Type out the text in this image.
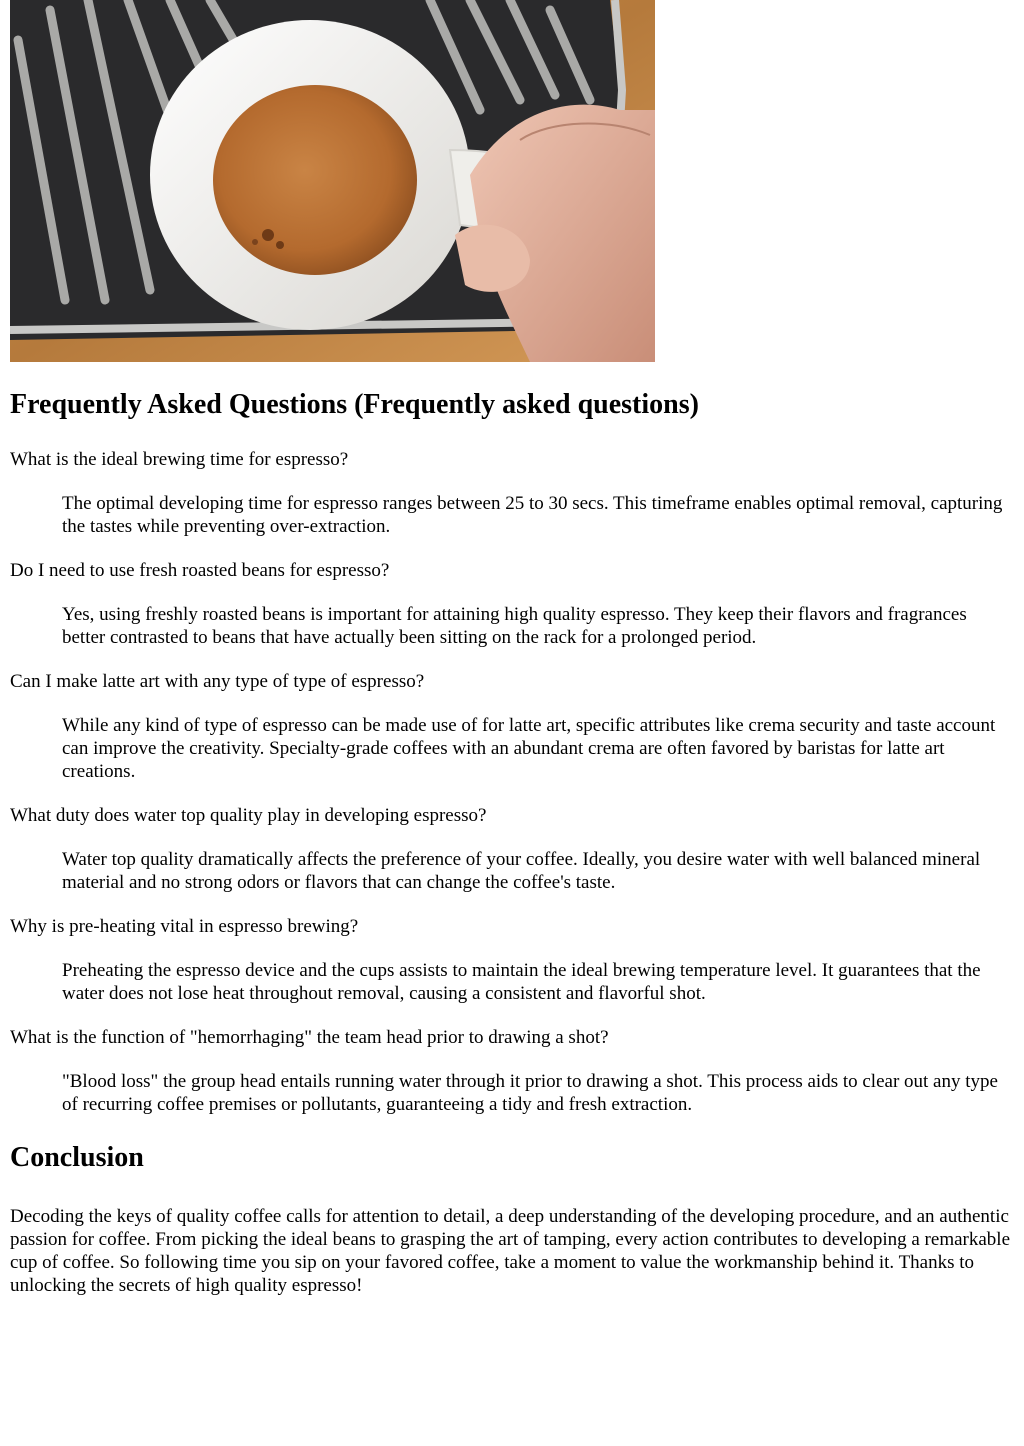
Frequently Asked Questions (Frequently asked questions)
What is the ideal brewing time for espresso?
The optimal developing time for espresso ranges between 25 to 30 secs. This timeframe enables optimal removal, capturing the tastes while preventing over-extraction.
Do I need to use fresh roasted beans for espresso?
Yes, using freshly roasted beans is important for attaining high quality espresso. They keep their flavors and fragrances better contrasted to beans that have actually been sitting on the rack for a prolonged period.
Can I make latte art with any type of type of espresso?
While any kind of type of espresso can be made use of for latte art, specific attributes like crema security and taste account can improve the creativity. Specialty-grade coffees with an abundant crema are often favored by baristas for latte art creations.
What duty does water top quality play in developing espresso?
Water top quality dramatically affects the preference of your coffee. Ideally, you desire water with well balanced mineral material and no strong odors or flavors that can change the coffee's taste.
Why is pre-heating vital in espresso brewing?
Preheating the espresso device and the cups assists to maintain the ideal brewing temperature level. It guarantees that the water does not lose heat throughout removal, causing a consistent and flavorful shot.
What is the function of "hemorrhaging" the team head prior to drawing a shot?
"Blood loss" the group head entails running water through it prior to drawing a shot. This process aids to clear out any type of recurring coffee premises or pollutants, guaranteeing a tidy and fresh extraction.
Conclusion

Decoding the keys of quality coffee calls for attention to detail, a deep understanding of the developing procedure, and an authentic passion for coffee. From picking the ideal beans to grasping the art of tamping, every action contributes to developing a remarkable cup of coffee. So following time you sip on your favored coffee, take a moment to value the workmanship behind it. Thanks to unlocking the secrets of high quality espresso!
